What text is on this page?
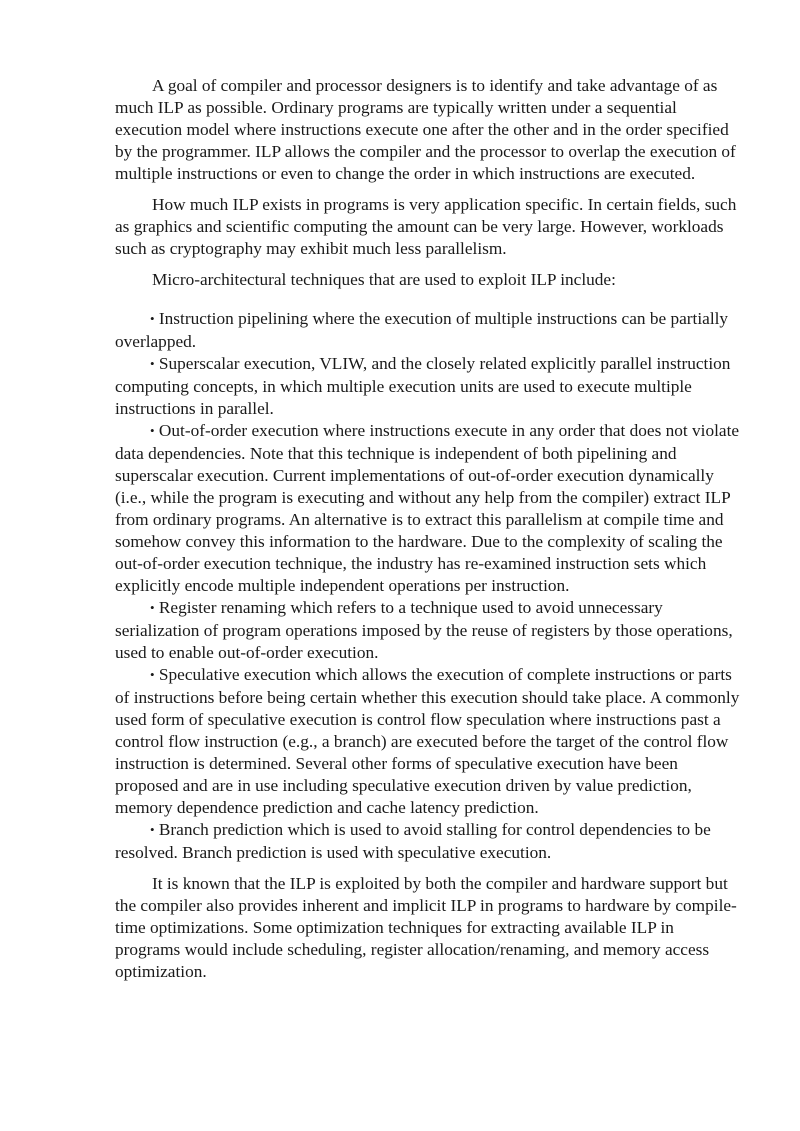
A goal of compiler and processor designers is to identify and take advantage of as much ILP as possible. Ordinary programs are typically written under a sequential execution model where instructions execute one after the other and in the order specified by the programmer. ILP allows the compiler and the processor to overlap the execution of multiple instructions or even to change the order in which instructions are executed.

How much ILP exists in programs is very application specific. In certain fields, such as graphics and scientific computing the amount can be very large. However, workloads such as cryptography may exhibit much less parallelism.

Micro-architectural techniques that are used to exploit ILP include:

• Instruction pipelining where the execution of multiple instructions can be partially overlapped.

• Superscalar execution, VLIW, and the closely related explicitly parallel instruction computing concepts, in which multiple execution units are used to execute multiple instructions in parallel.

• Out-of-order execution where instructions execute in any order that does not violate data dependencies. Note that this technique is independent of both pipelining and superscalar execution. Current implementations of out-of-order execution dynamically (i.e., while the program is executing and without any help from the compiler) extract ILP from ordinary programs. An alternative is to extract this parallelism at compile time and somehow convey this information to the hardware. Due to the complexity of scaling the out-of-order execution technique, the industry has re-examined instruction sets which explicitly encode multiple independent operations per instruction.

• Register renaming which refers to a technique used to avoid unnecessary serialization of program operations imposed by the reuse of registers by those operations, used to enable out-of-order execution.

• Speculative execution which allows the execution of complete instructions or parts of instructions before being certain whether this execution should take place. A commonly used form of speculative execution is control flow speculation where instructions past a control flow instruction (e.g., a branch) are executed before the target of the control flow instruction is determined. Several other forms of speculative execution have been proposed and are in use including speculative execution driven by value prediction, memory dependence prediction and cache latency prediction.

• Branch prediction which is used to avoid stalling for control dependencies to be resolved. Branch prediction is used with speculative execution.

It is known that the ILP is exploited by both the compiler and hardware support but the compiler also provides inherent and implicit ILP in programs to hardware by compile-time optimizations. Some optimization techniques for extracting available ILP in programs would include scheduling, register allocation/renaming, and memory access optimization.
